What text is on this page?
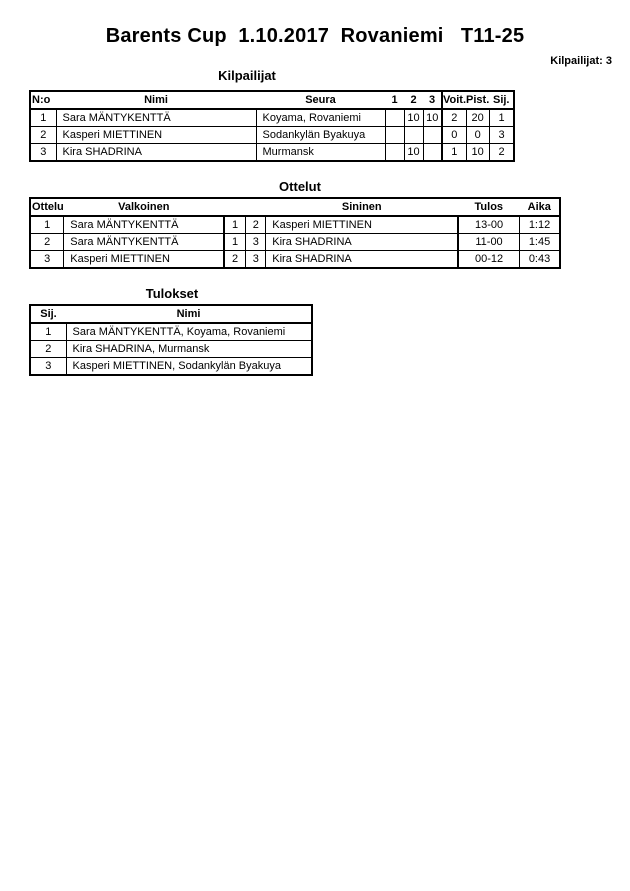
Barents Cup  1.10.2017  Rovaniemi   T11-25
Kilpailijat: 3
Kilpailijat
N:o	Nimi	Seura	1	2	3	Voit.	Pist.	Sij.
1	Sara MÄNTYKENTTÄ	Koyama, Rovaniemi		10	10	2	20	1
2	Kasperi MIETTINEN	Sodankylän Byakuya				0	0	3
3	Kira SHADRINA	Murmansk		10		1	10	2
Ottelut
Ottelu	Valkoinen			Sininen	Tulos	Aika
1	Sara MÄNTYKENTTÄ	1	2	Kasperi MIETTINEN	13-00	1:12
2	Sara MÄNTYKENTTÄ	1	3	Kira SHADRINA	11-00	1:45
3	Kasperi MIETTINEN	2	3	Kira SHADRINA	00-12	0:43
Tulokset
Sij.	Nimi
1	Sara MÄNTYKENTTÄ, Koyama, Rovaniemi
2	Kira SHADRINA, Murmansk
3	Kasperi MIETTINEN, Sodankylän Byakuya
